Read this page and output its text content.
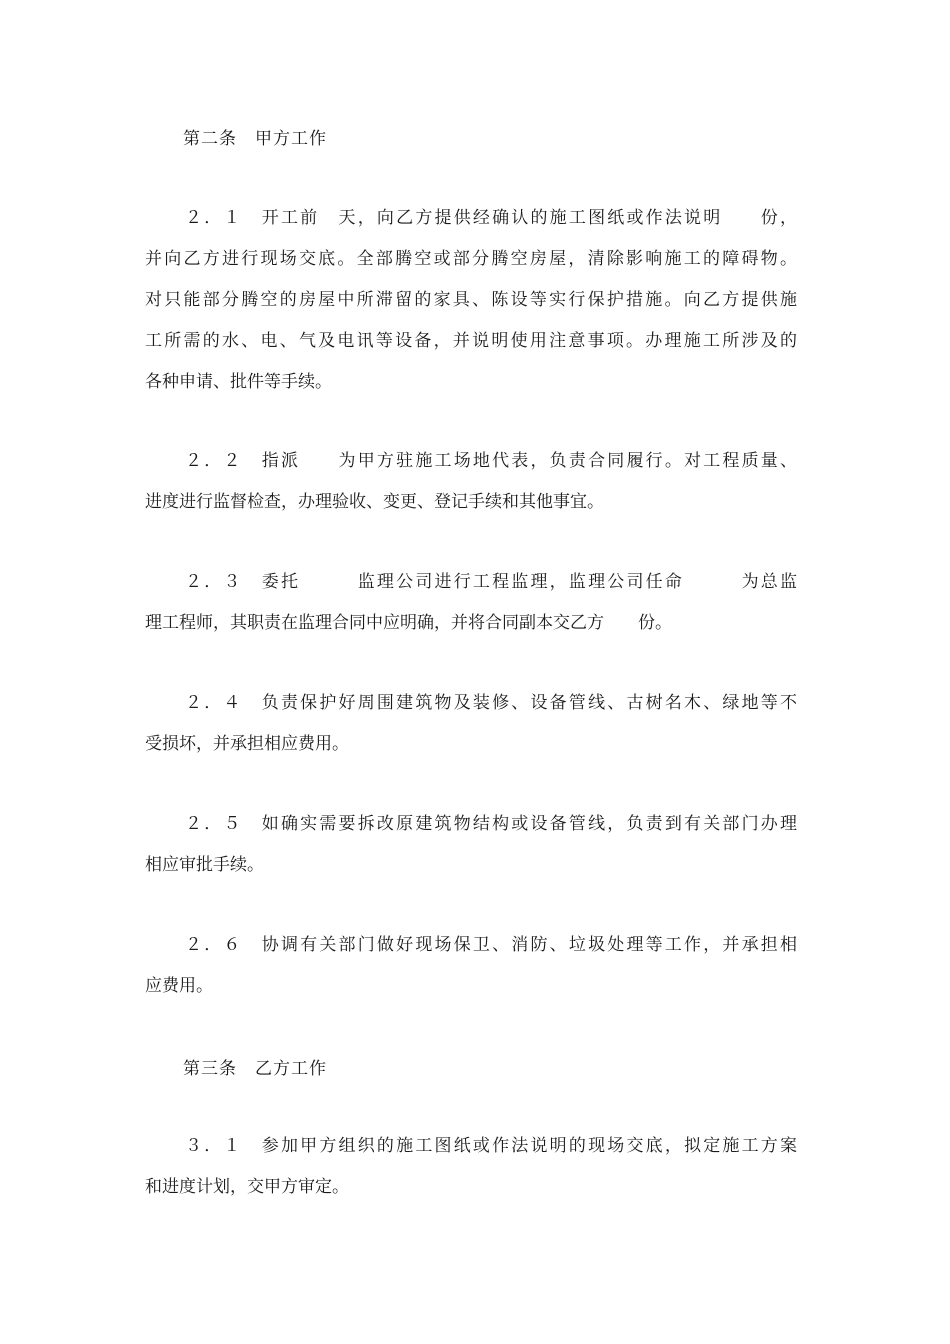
第二条　甲方工作
２．１　开工前　天，向乙方提供经确认的施工图纸或作法说明　　份，
并向乙方进行现场交底。全部腾空或部分腾空房屋，清除影响施工的障碍物。
对只能部分腾空的房屋中所滞留的家具、陈设等实行保护措施。向乙方提供施
工所需的水、电、气及电讯等设备，并说明使用注意事项。办理施工所涉及的
各种申请、批件等手续。
２．２　指派　　为甲方驻施工场地代表，负责合同履行。对工程质量、
进度进行监督检查，办理验收、变更、登记手续和其他事宜。
２．３　委托　　　监理公司进行工程监理，监理公司任命　　　为总监
理工程师，其职责在监理合同中应明确，并将合同副本交乙方　　份。
２．４　负责保护好周围建筑物及装修、设备管线、古树名木、绿地等不
受损坏，并承担相应费用。
２．５　如确实需要拆改原建筑物结构或设备管线，负责到有关部门办理
相应审批手续。
２．６　协调有关部门做好现场保卫、消防、垃圾处理等工作，并承担相
应费用。
第三条　乙方工作
３．１　参加甲方组织的施工图纸或作法说明的现场交底，拟定施工方案
和进度计划，交甲方审定。
